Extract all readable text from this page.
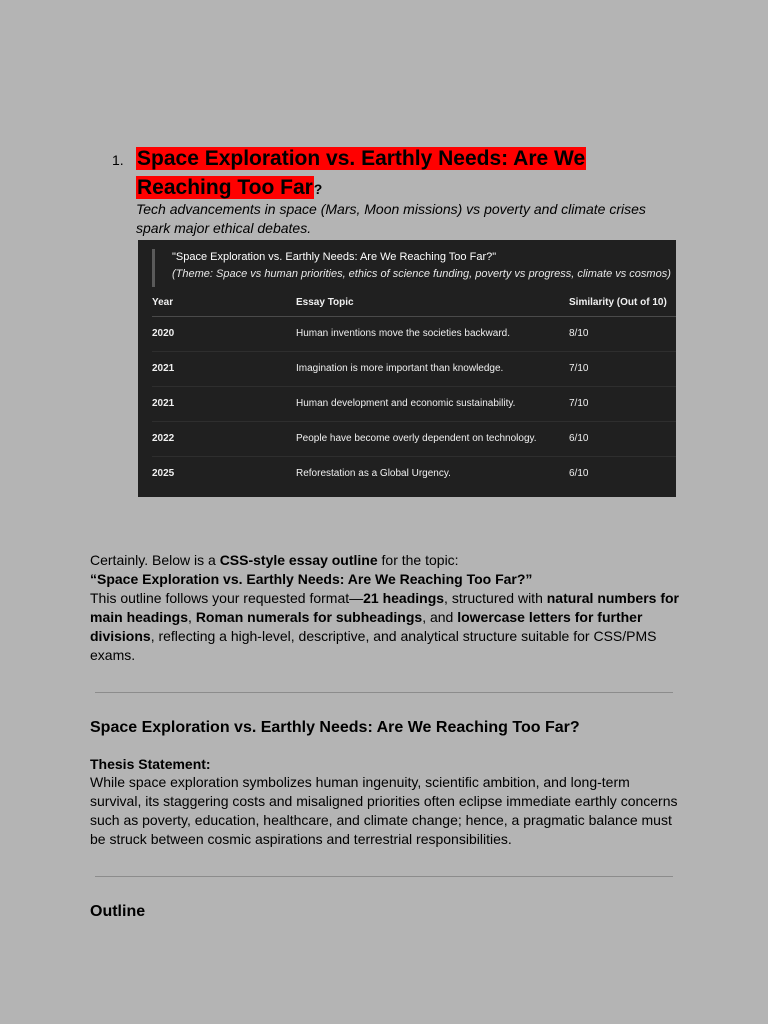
1. Space Exploration vs. Earthly Needs: Are We Reaching Too Far?
Tech advancements in space (Mars, Moon missions) vs poverty and climate crises spark major ethical debates.
"Space Exploration vs. Earthly Needs: Are We Reaching Too Far?"
(Theme: Space vs human priorities, ethics of science funding, poverty vs progress, climate vs cosmos)
Year	Essay Topic	Similarity (Out of 10)
2020	Human inventions move the societies backward.	8/10
2021	Imagination is more important than knowledge.	7/10
2021	Human development and economic sustainability.	7/10
2022	People have become overly dependent on technology.	6/10
2025	Reforestation as a Global Urgency.	6/10
Certainly. Below is a CSS-style essay outline for the topic:
“Space Exploration vs. Earthly Needs: Are We Reaching Too Far?”
This outline follows your requested format—21 headings, structured with natural numbers for main headings, Roman numerals for subheadings, and lowercase letters for further divisions, reflecting a high-level, descriptive, and analytical structure suitable for CSS/PMS exams.
Space Exploration vs. Earthly Needs: Are We Reaching Too Far?
Thesis Statement:
While space exploration symbolizes human ingenuity, scientific ambition, and long-term survival, its staggering costs and misaligned priorities often eclipse immediate earthly concerns such as poverty, education, healthcare, and climate change; hence, a pragmatic balance must be struck between cosmic aspirations and terrestrial responsibilities.
Outline
